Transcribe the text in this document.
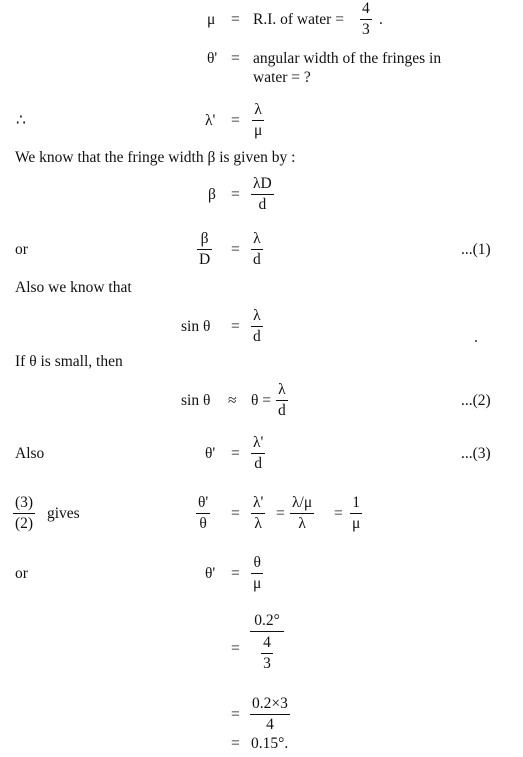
μ = R.I. of water = $\frac{4}{3}$ .
θ' = angular width of the fringes in
water = ?
∴	$\lambda' = \frac{\lambda}{\mu}$
We know that the fringe width β is given by :
$\beta = \frac{\lambda D}{d}$
or	$\frac{\beta}{D} = \frac{\lambda}{d}$	...(1)
Also we know that
$\sin \theta = \frac{\lambda}{d}$
If θ is small, then
$\sin \theta \approx \theta = \frac{\lambda}{d}$	...(2)
Also	$\theta' = \frac{\lambda'}{d}$	...(3)
$\frac{(3)}{(2)}$ gives	$\frac{\theta'}{\theta} = \frac{\lambda'}{\lambda} = \frac{\lambda/\mu}{\lambda} = \frac{1}{\mu}$
or	$\theta' = \frac{\theta}{\mu}$
= $\frac{0.2^\circ}{\frac{4}{3}}$
= $\frac{0.2\times 3}{4}$
= 0.15°.
